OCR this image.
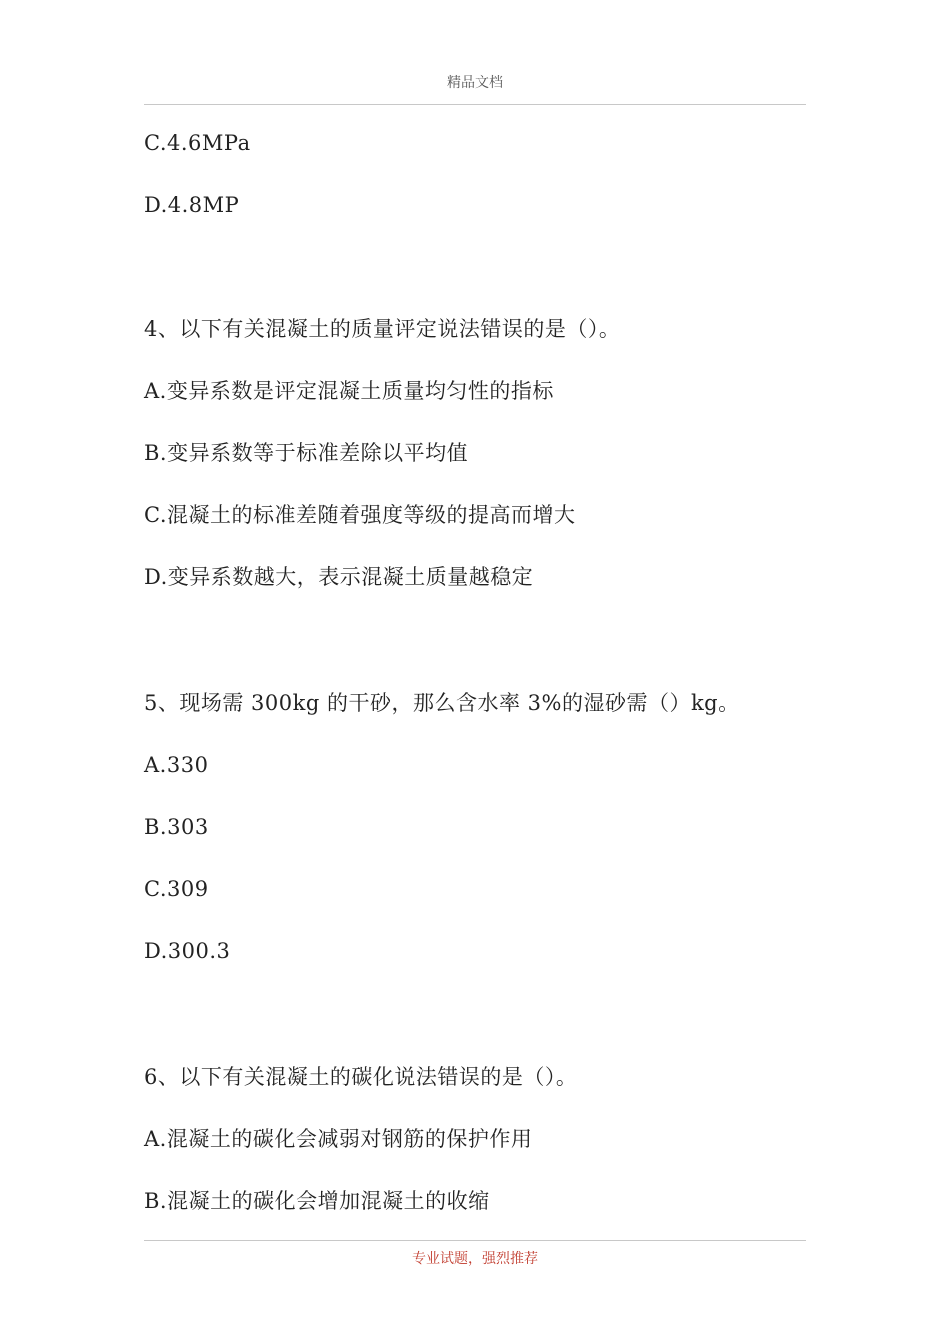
精品文档
C.4.6MPa
D.4.8MP
4、以下有关混凝土的质量评定说法错误的是（）。
A.变异系数是评定混凝土质量均匀性的指标
B.变异系数等于标准差除以平均值
C.混凝土的标准差随着强度等级的提高而增大
D.变异系数越大，表示混凝土质量越稳定
5、现场需 300kg 的干砂，那么含水率 3%的湿砂需（）kg。
A.330
B.303
C.309
D.300.3
6、以下有关混凝土的碳化说法错误的是（）。
A.混凝土的碳化会减弱对钢筋的保护作用
B.混凝土的碳化会增加混凝土的收缩
专业试题，强烈推荐
